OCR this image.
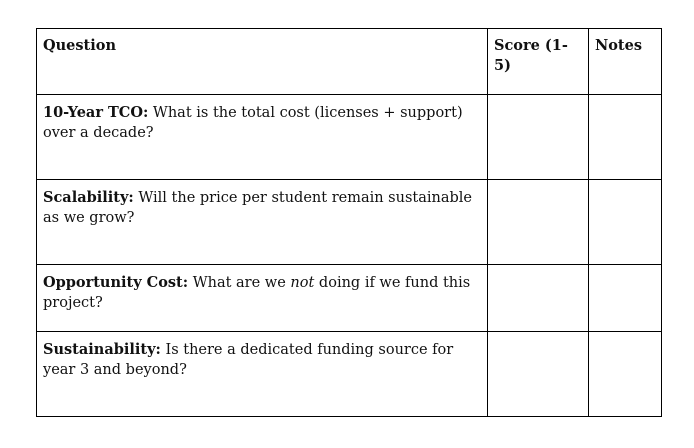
Question	Score (1-5)	Notes
10-Year TCO: What is the total cost (licenses + support) over a decade?		
Scalability: Will the price per student remain sustainable as we grow?		
Opportunity Cost: What are we not doing if we fund this project?		
Sustainability: Is there a dedicated funding source for year 3 and beyond?		
